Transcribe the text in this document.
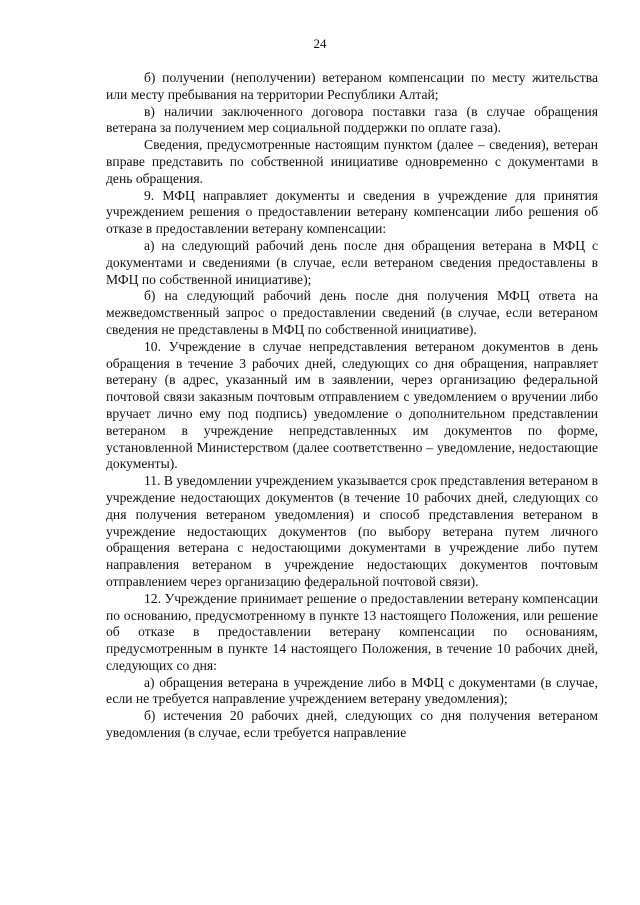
24

б) получении (неполучении) ветераном компенсации по месту жительства или месту пребывания на территории Республики Алтай;

в) наличии заключенного договора поставки газа (в случае обращения ветерана за получением мер социальной поддержки по оплате газа).

Сведения, предусмотренные настоящим пунктом (далее – сведения), ветеран вправе представить по собственной инициативе одновременно с документами в день обращения.

9. МФЦ направляет документы и сведения в учреждение для принятия учреждением решения о предоставлении ветерану компенсации либо решения об отказе в предоставлении ветерану компенсации:

а) на следующий рабочий день после дня обращения ветерана в МФЦ с документами и сведениями (в случае, если ветераном сведения предоставлены в МФЦ по собственной инициативе);

б) на следующий рабочий день после дня получения МФЦ ответа на межведомственный запрос о предоставлении сведений (в случае, если ветераном сведения не представлены в МФЦ по собственной инициативе).

10. Учреждение в случае непредставления ветераном документов в день обращения в течение 3 рабочих дней, следующих со дня обращения, направляет ветерану (в адрес, указанный им в заявлении, через организацию федеральной почтовой связи заказным почтовым отправлением с уведомлением о вручении либо вручает лично ему под подпись) уведомление о дополнительном представлении ветераном в учреждение непредставленных им документов по форме, установленной Министерством (далее соответственно – уведомление, недостающие документы).

11. В уведомлении учреждением указывается срок представления ветераном в учреждение недостающих документов (в течение 10 рабочих дней, следующих со дня получения ветераном уведомления) и способ представления ветераном в учреждение недостающих документов (по выбору ветерана путем личного обращения ветерана с недостающими документами в учреждение либо путем направления ветераном в учреждение недостающих документов почтовым отправлением через организацию федеральной почтовой связи).

12. Учреждение принимает решение о предоставлении ветерану компенсации по основанию, предусмотренному в пункте 13 настоящего Положения, или решение об отказе в предоставлении ветерану компенсации по основаниям, предусмотренным в пункте 14 настоящего Положения, в течение 10 рабочих дней, следующих со дня:

а) обращения ветерана в учреждение либо в МФЦ с документами (в случае, если не требуется направление учреждением ветерану уведомления);

б) истечения 20 рабочих дней, следующих со дня получения ветераном уведомления (в случае, если требуется направление
